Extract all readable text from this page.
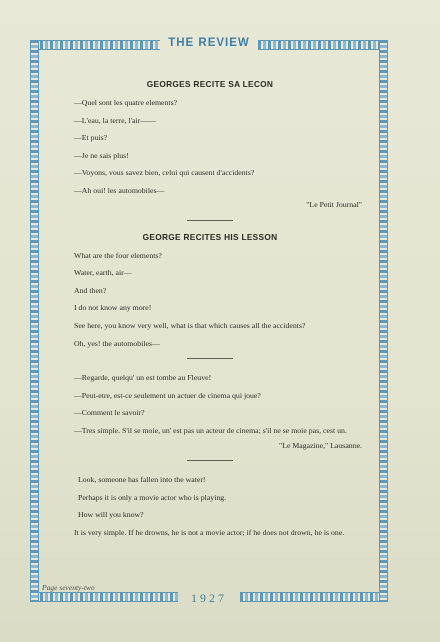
THE REVIEW
1927
Page seventy-two
GEORGES RECITE SA LECON

—Quel sont les quatre elements?

—L'eau, la terre, l'air——

—Et puis?

—Je ne sais plus!

—Voyons, vous savez bien, celui qui causent d'accidents?

—Ah oui! les automobiles—

"Le Petit Journal"

GEORGE RECITES HIS LESSON

What are the four elements?

Water, earth, air—

And then?

I do not know any more!

See here, you know very well, what is that which causes all the accidents?

Oh, yes! the automobiles—

—Regarde, quelqu' un est tombe au Fleuve!

—Peut-etre, est-ce seulement un actuer de cinema qui joue?

—Comment le savoir?

—Tres simple. S'il se moie, un' est pas un acteur de cinema; s'il ne se moie pas, cest un.

"Le Magazine," Lausanne.

Look, someone has fallen into the water!

Perhaps it is only a movie actor who is playing.

How will you know?

It is very simple. If he drowns, he is not a movie actor; if he does not drown, he is one.
